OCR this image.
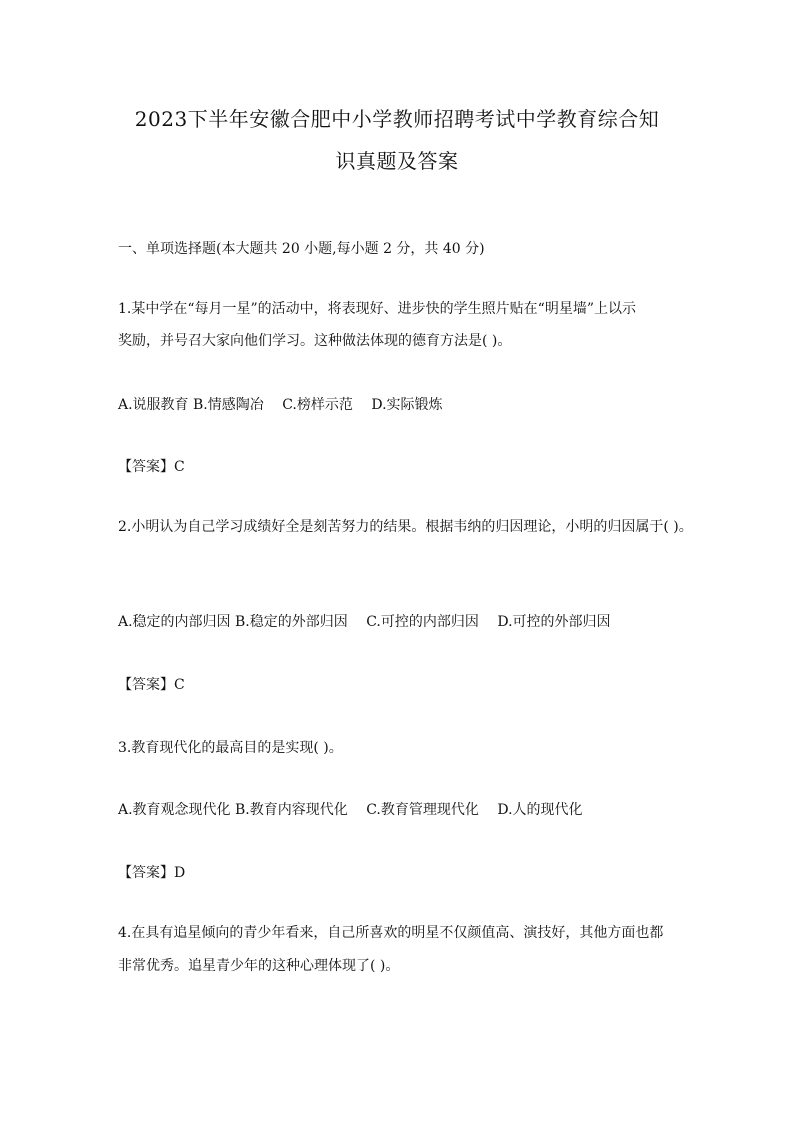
2023下半年安徽合肥中小学教师招聘考试中学教育综合知
识真题及答案
一、单项选择题(本大题共 20 小题,每小题 2 分，共 40 分)
1.某中学在“每月一星”的活动中，将表现好、进步快的学生照片贴在“明星墙”上以示
奖励，并号召大家向他们学习。这种做法体现的德育方法是( )。
A.说服教育 B.情感陶冶 C.榜样示范 D.实际锻炼
【答案】C
2.小明认为自己学习成绩好全是刻苦努力的结果。根据韦纳的归因理论，小明的归因属于( )。
A.稳定的内部归因 B.稳定的外部归因 C.可控的内部归因 D.可控的外部归因
【答案】C
3.教育现代化的最高目的是实现( )。
A.教育观念现代化 B.教育内容现代化 C.教育管理现代化 D.人的现代化
【答案】D
4.在具有追星倾向的青少年看来，自己所喜欢的明星不仅颜值高、演技好，其他方面也都
非常优秀。追星青少年的这种心理体现了( )。
